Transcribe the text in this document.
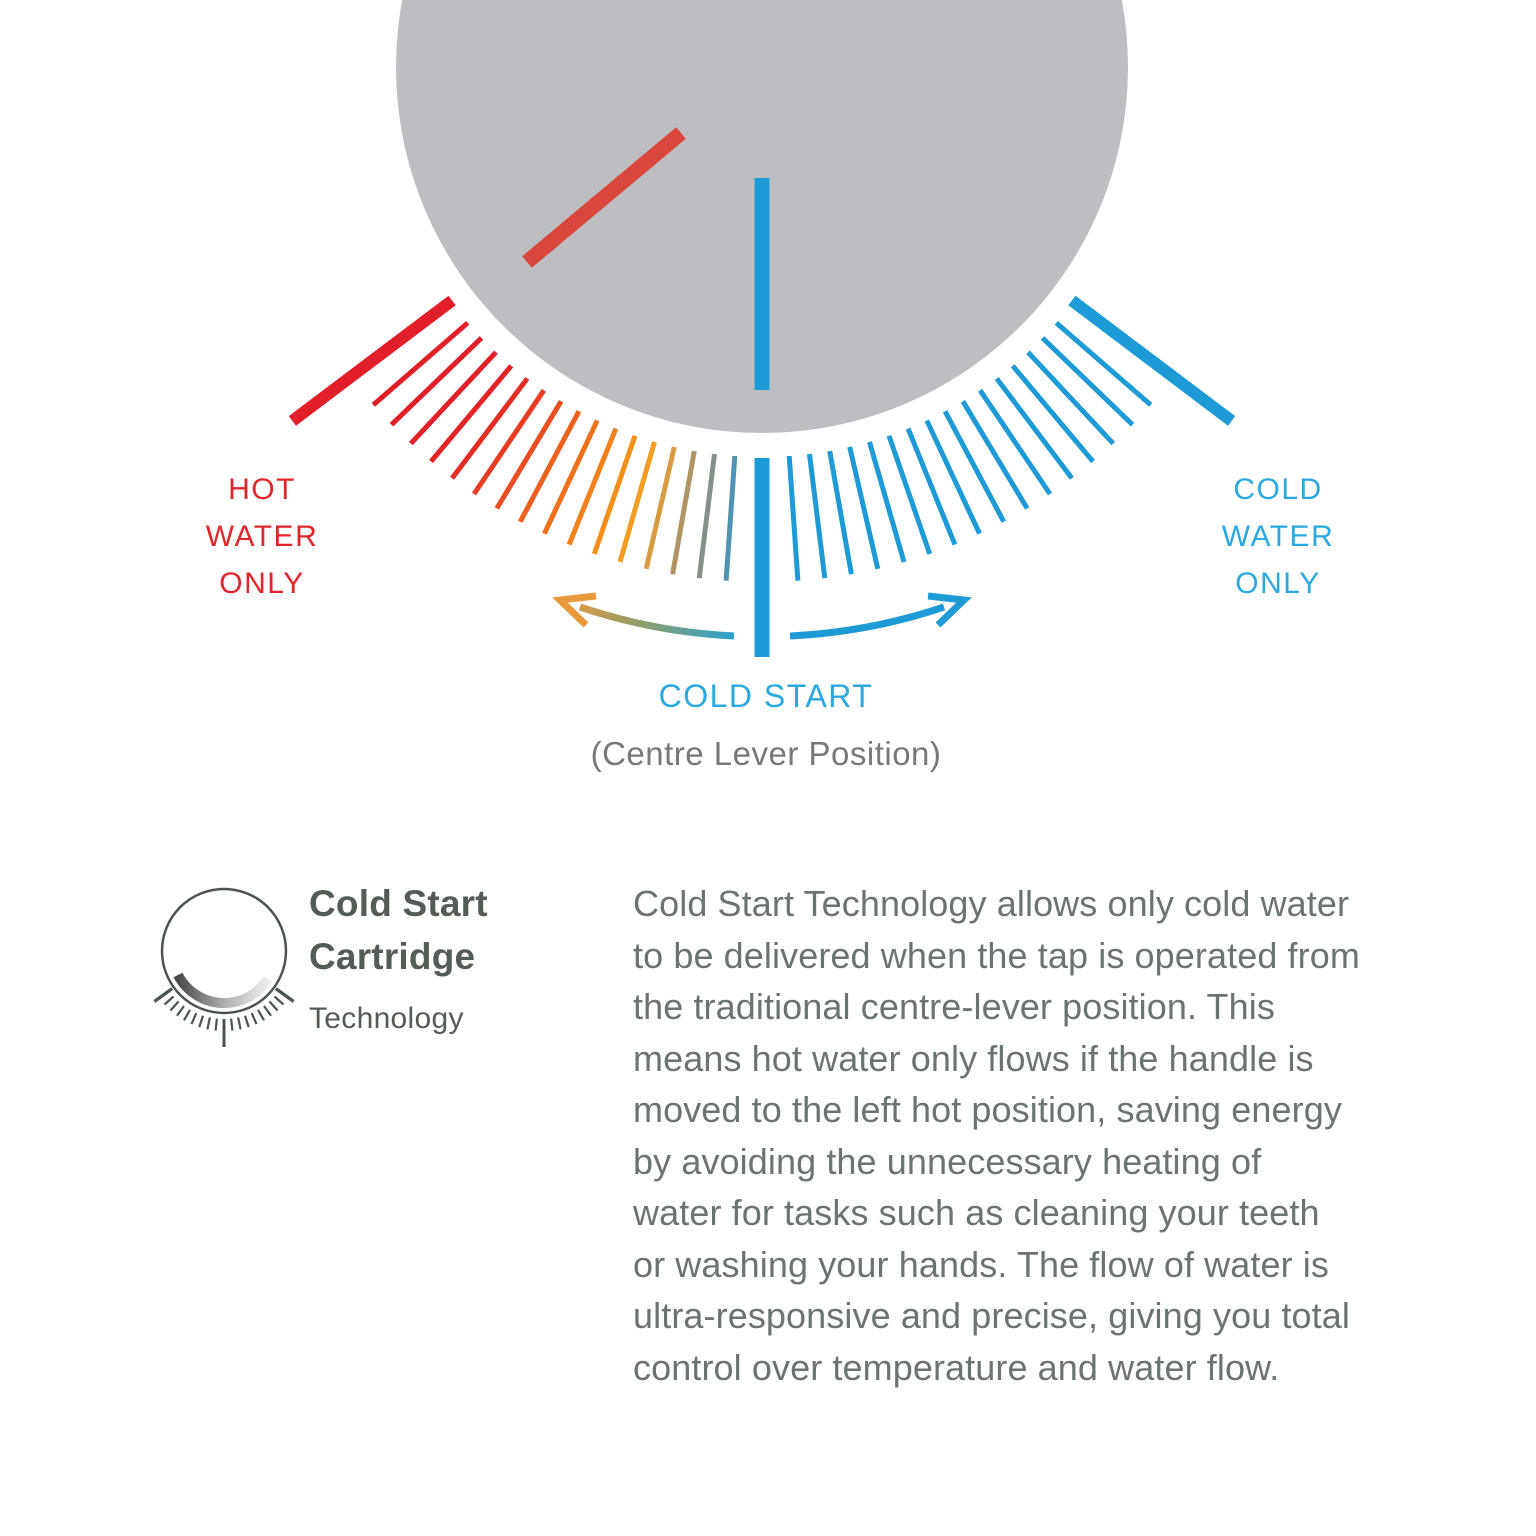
HOT
WATER
ONLY
COLD
WATER
ONLY
COLD START
(Centre Lever Position)
Cold Start
Cartridge
Technology
Cold Start Technology allows only cold water
to be delivered when the tap is operated from
the traditional centre-lever position. This
means hot water only flows if the handle is
moved to the left hot position, saving energy
by avoiding the unnecessary heating of
water for tasks such as cleaning your teeth
or washing your hands. The flow of water is
ultra-responsive and precise, giving you total
control over temperature and water flow.
